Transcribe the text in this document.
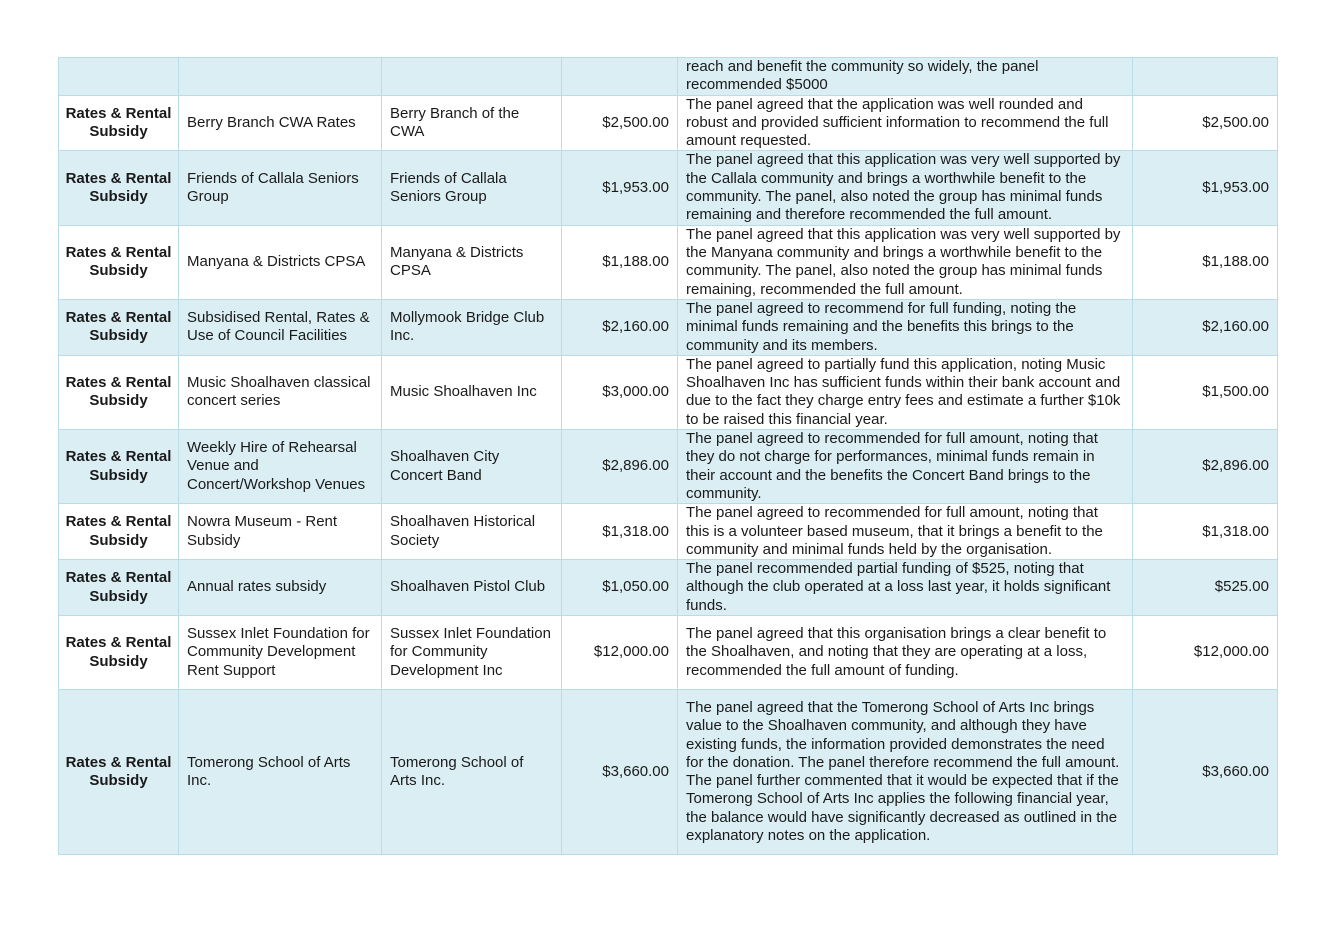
				reach and benefit the community so widely, the panel recommended $5000	
Rates & Rental Subsidy	Berry Branch CWA Rates	Berry Branch of the CWA	$2,500.00	The panel agreed that the application was well rounded and robust and provided sufficient information to recommend the full amount requested.	$2,500.00
Rates & Rental Subsidy	Friends of Callala Seniors Group	Friends of Callala Seniors Group	$1,953.00	The panel agreed that this application was very well supported by the Callala community and brings a worthwhile benefit to the community. The panel, also noted the group has minimal funds remaining and therefore recommended the full amount.	$1,953.00
Rates & Rental Subsidy	Manyana & Districts CPSA	Manyana & Districts CPSA	$1,188.00	The panel agreed that this application was very well supported by the Manyana community and brings a worthwhile benefit to the community. The panel, also noted the group has minimal funds remaining, recommended the full amount.	$1,188.00
Rates & Rental Subsidy	Subsidised Rental, Rates & Use of Council Facilities	Mollymook Bridge Club Inc.	$2,160.00	The panel agreed to recommend for full funding, noting the minimal funds remaining and the benefits this brings to the community and its members.	$2,160.00
Rates & Rental Subsidy	Music Shoalhaven classical concert series	Music Shoalhaven Inc	$3,000.00	The panel agreed to partially fund this application, noting Music Shoalhaven Inc has sufficient funds within their bank account and due to the fact they charge entry fees and estimate a further $10k to be raised this financial year.	$1,500.00
Rates & Rental Subsidy	Weekly Hire of Rehearsal Venue and Concert/Workshop Venues	Shoalhaven City Concert Band	$2,896.00	The panel agreed to recommended for full amount, noting that they do not charge for performances, minimal funds remain in their account and the benefits the Concert Band brings to the community.	$2,896.00
Rates & Rental Subsidy	Nowra Museum - Rent Subsidy	Shoalhaven Historical Society	$1,318.00	The panel agreed to recommended for full amount, noting that this is a volunteer based museum, that it brings a benefit to the community and minimal funds held by the organisation.	$1,318.00
Rates & Rental Subsidy	Annual rates subsidy	Shoalhaven Pistol Club	$1,050.00	The panel recommended partial funding of $525, noting that although the club operated at a loss last year, it holds significant funds.	$525.00
Rates & Rental Subsidy	Sussex Inlet Foundation for Community Development Rent Support	Sussex Inlet Foundation for Community Development Inc	$12,000.00	The panel agreed that this organisation brings a clear benefit to the Shoalhaven, and noting that they are operating at a loss, recommended the full amount of funding.	$12,000.00
Rates & Rental Subsidy	Tomerong School of Arts Inc.	Tomerong School of Arts Inc.	$3,660.00	The panel agreed that the Tomerong School of Arts Inc brings value to the Shoalhaven community, and although they have existing funds, the information provided demonstrates the need for the donation. The panel therefore recommend the full amount. The panel further commented that it would be expected that if the Tomerong School of Arts Inc applies the following financial year, the balance would have significantly decreased as outlined in the explanatory notes on the application.	$3,660.00
